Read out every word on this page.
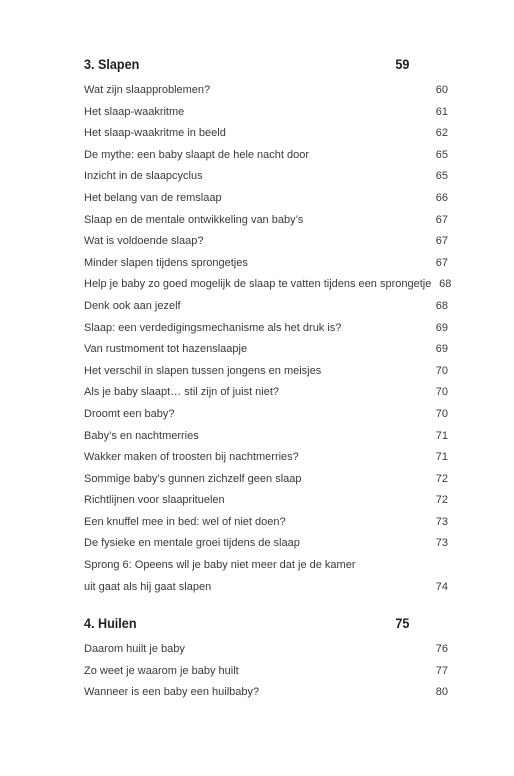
3. Slapen	59
Wat zijn slaapproblemen?	60
Het slaap-waakritme	61
Het slaap-waakritme in beeld	62
De mythe: een baby slaapt de hele nacht door	65
Inzicht in de slaapcyclus	65
Het belang van de remslaap	66
Slaap en de mentale ontwikkeling van baby’s	67
Wat is voldoende slaap?	67
Minder slapen tijdens sprongetjes	67
Help je baby zo goed mogelijk de slaap te vatten tijdens een sprongetje 68
Denk ook aan jezelf	68
Slaap: een verdedigingsmechanisme als het druk is?	69
Van rustmoment tot hazenslaapje	69
Het verschil in slapen tussen jongens en meisjes	70
Als je baby slaapt… stil zijn of juist niet?	70
Droomt een baby?	70
Baby’s en nachtmerries	71
Wakker maken of troosten bij nachtmerries?	71
Sommige baby’s gunnen zichzelf geen slaap	72
Richtlijnen voor slaaprituelen	72
Een knuffel mee in bed: wel of niet doen?	73
De fysieke en mentale groei tijdens de slaap	73
Sprong 6: Opeens wil je baby niet meer dat je de kamer
uit gaat als hij gaat slapen	74
4. Huilen	75
Daarom huilt je baby	76
Zo weet je waarom je baby huilt	77
Wanneer is een baby een huilbaby?	80
